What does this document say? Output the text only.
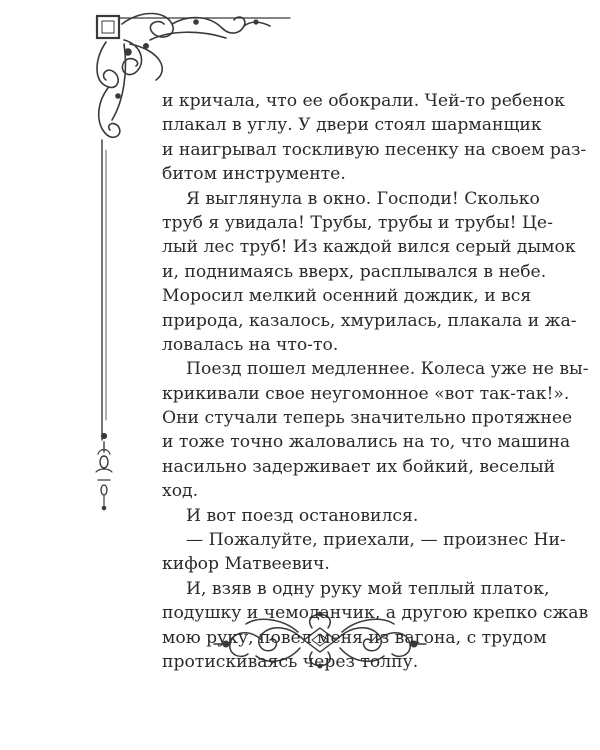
и кричала, что ее обокрали. Чей-то ребенок
плакал в углу. У двери стоял шарманщик
и наигрывал тоскливую песенку на своем раз-
битом инструменте.

Я выглянула в окно. Господи! Сколько
труб я увидала! Трубы, трубы и трубы! Це-
лый лес труб! Из каждой вился серый дымок
и, поднимаясь вверх, расплывался в небе.
Моросил мелкий осенний дождик, и вся
природа, казалось, хмурилась, плакала и жа-
ловалась на что-то.

Поезд пошел медленнее. Колеса уже не вы-
крикивали свое неугомонное «вот так-так!».
Они стучали теперь значительно протяжнее
и тоже точно жаловались на то, что машина
насильно задерживает их бойкий, веселый
ход.

И вот поезд остановился.

— Пожалуйте, приехали, — произнес Ни-
кифор Матвеевич.

И, взяв в одну руку мой теплый платок,
подушку и чемоданчик, а другою крепко сжав
мою руку, повел меня из вагона, с трудом
протискиваясь через толпу.
